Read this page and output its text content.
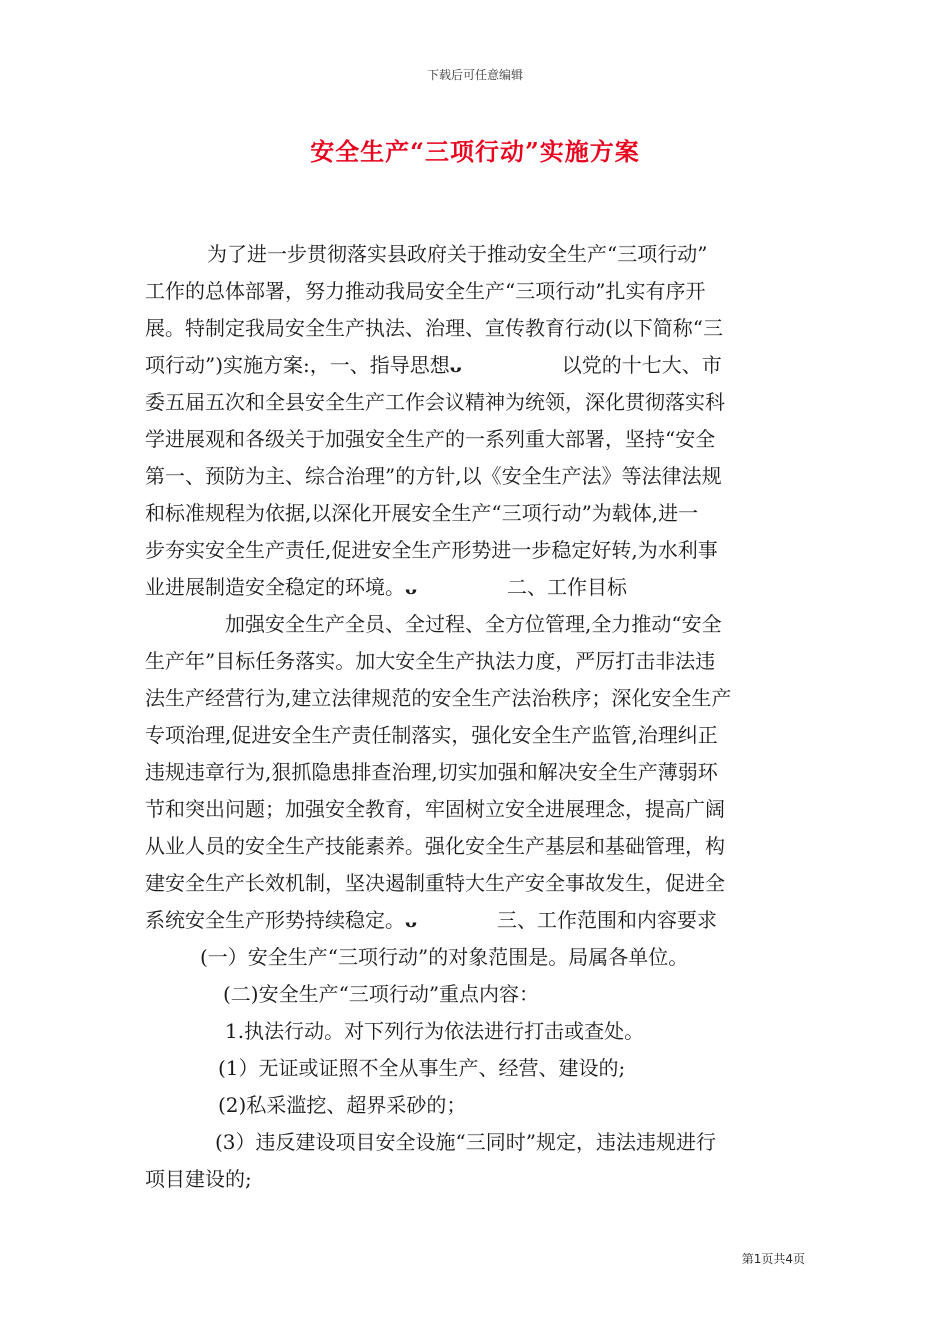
下载后可任意编辑
安全生产“三项行动”实施方案
为了进一步贯彻落实县政府关于推动安全生产“三项行动”
工作的总体部署，努力推动我局安全生产“三项行动”扎实有序开
展。特制定我局安全生产执法、治理、宣传教育行动(以下简称“三
项行动”)实施方案:，一、指导思想ᴗ	以党的十七大、市
委五届五次和全县安全生产工作会议精神为统领，深化贯彻落实科
学进展观和各级关于加强安全生产的一系列重大部署，坚持“安全
第一、预防为主、综合治理”的方针,以《安全生产法》等法律法规
和标准规程为依据,以深化开展安全生产“三项行动”为载体,进一
步夯实安全生产责任,促进安全生产形势进一步稳定好转,为水利事
业进展制造安全稳定的环境。ᴗ	二、工作目标
加强安全生产全员、全过程、全方位管理,全力推动“安全
生产年”目标任务落实。加大安全生产执法力度，严厉打击非法违
法生产经营行为,建立法律规范的安全生产法治秩序；深化安全生产
专项治理,促进安全生产责任制落实，强化安全生产监管,治理纠正
违规违章行为,狠抓隐患排查治理,切实加强和解决安全生产薄弱环
节和突出问题；加强安全教育，牢固树立安全进展理念，提高广阔
从业人员的安全生产技能素养。强化安全生产基层和基础管理，构
建安全生产长效机制，坚决遏制重特大生产安全事故发生，促进全
系统安全生产形势持续稳定。ᴗ	三、工作范围和内容要求
(一）安全生产“三项行动”的对象范围是。局属各单位。
(二)安全生产“三项行动”重点内容：
1.执法行动。对下列行为依法进行打击或查处。
(1）无证或证照不全从事生产、经营、建设的;
(2)私采滥挖、超界采砂的；
(3）违反建设项目安全设施“三同时”规定，违法违规进行
项目建设的;
第1页共4页
